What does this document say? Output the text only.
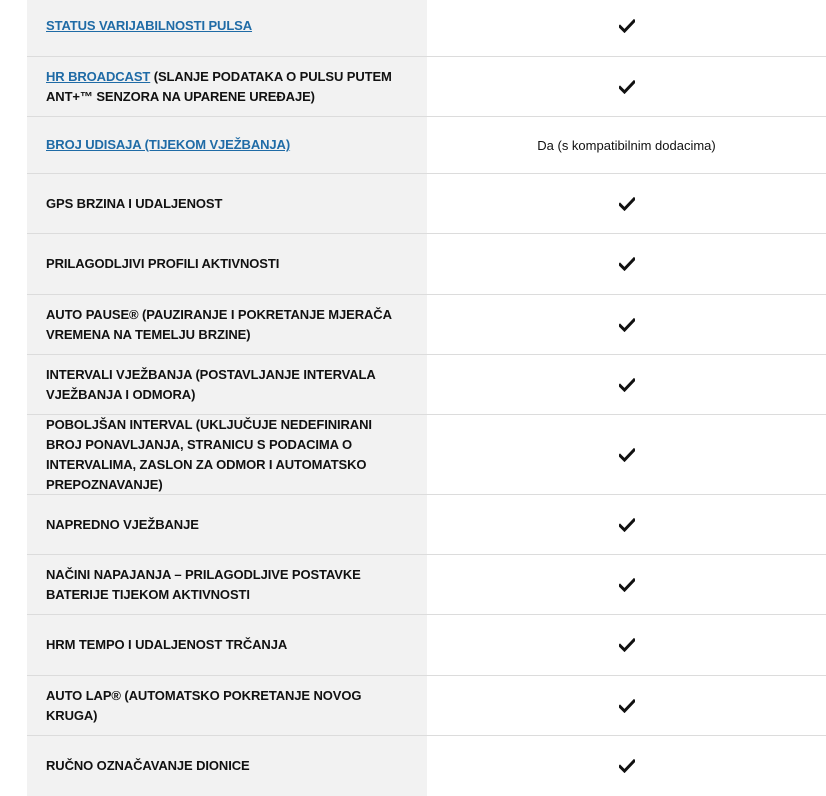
STATUS VARIJABILNOSTI PULSA
HR BROADCAST (SLANJE PODATAKA O PULSU PUTEM ANT+™ SENZORA NA UPARENE UREĐAJE)
BROJ UDISAJA (TIJEKOM VJEŽBANJA)	Da (s kompatibilnim dodacima)
GPS BRZINA I UDALJENOST
PRILAGODLJIVI PROFILI AKTIVNOSTI
AUTO PAUSE® (PAUZIRANJE I POKRETANJE MJERAČA VREMENA NA TEMELJU BRZINE)
INTERVALI VJEŽBANJA (POSTAVLJANJE INTERVALA VJEŽBANJA I ODMORA)
POBOLJŠAN INTERVAL (UKLJUČUJE NEDEFINIRANI BROJ PONAVLJANJA, STRANICU S PODACIMA O INTERVALIMA, ZASLON ZA ODMOR I AUTOMATSKO PREPOZNAVANJE)
NAPREDNO VJEŽBANJE
NAČINI NAPAJANJA – PRILAGODLJIVE POSTAVKE BATERIJE TIJEKOM AKTIVNOSTI
HRM TEMPO I UDALJENOST TRČANJA
AUTO LAP® (AUTOMATSKO POKRETANJE NOVOG KRUGA)
RUČNO OZNAČAVANJE DIONICE
